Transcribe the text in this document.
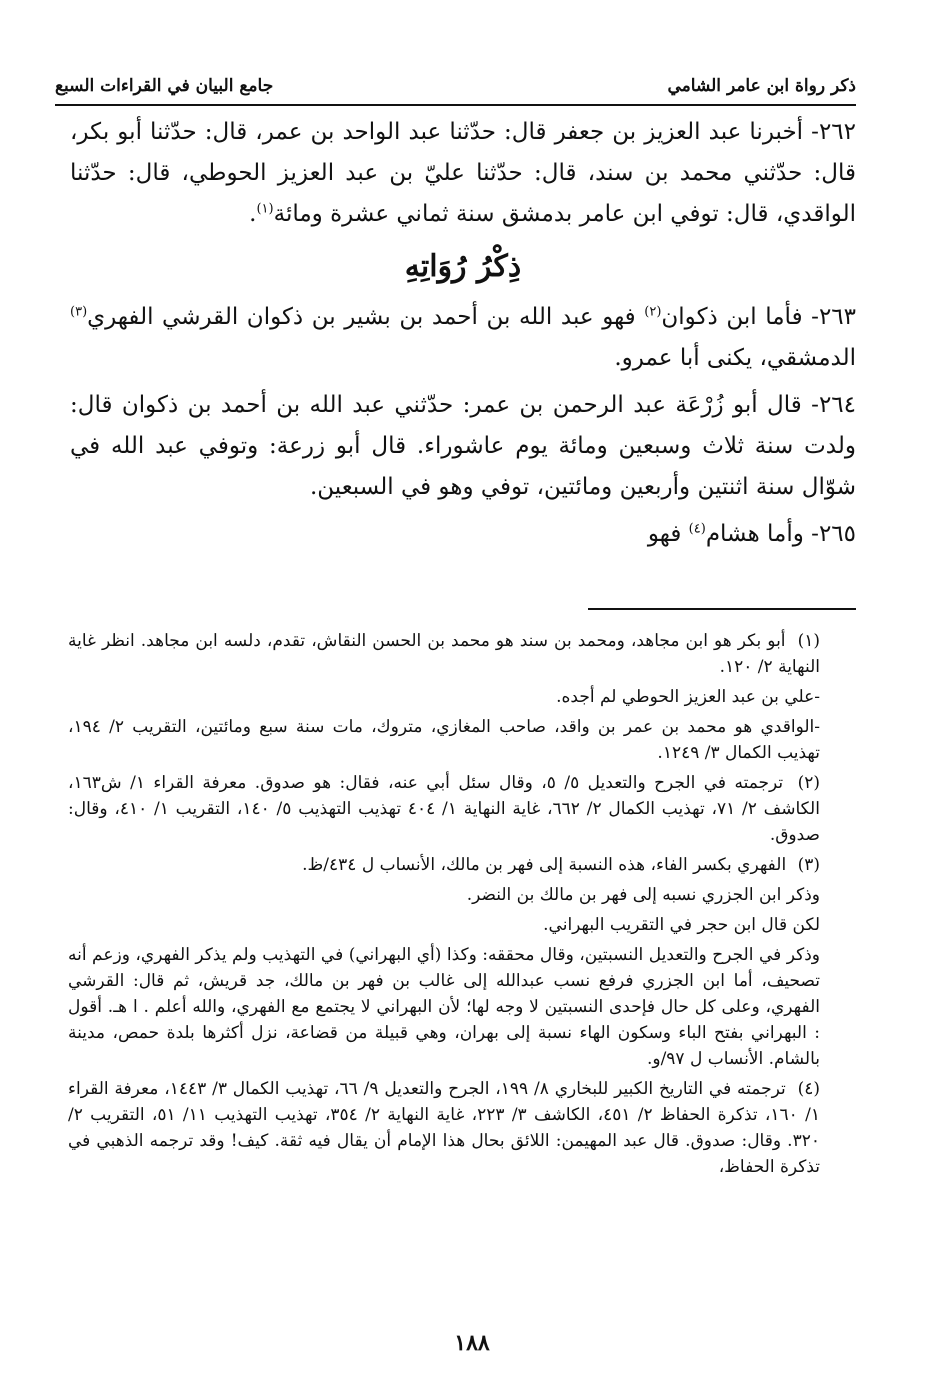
ذكر رواة ابن عامر الشامي
جامع البيان في القراءات السبع

٢٦٢- أخبرنا عبد العزيز بن جعفر قال: حدّثنا عبد الواحد بن عمر، قال: حدّثنا أبو بكر، قال: حدّثني محمد بن سند، قال: حدّثنا عليّ بن عبد العزيز الحوطي، قال: حدّثنا الواقدي، قال: توفي ابن عامر بدمشق سنة ثماني عشرة ومائة$^{(١)}$.

ذِكْرُ رُوَاتِهِ

٢٦٣- فأما ابن ذكوان$^{(٢)}$ فهو عبد الله بن أحمد بن بشير بن ذكوان القرشي الفهري$^{(٣)}$ الدمشقي، يكنى أبا عمرو.

٢٦٤- قال أبو زُرْعَة عبد الرحمن بن عمر: حدّثني عبد الله بن أحمد بن ذكوان قال: ولدت سنة ثلاث وسبعين ومائة يوم عاشوراء. قال أبو زرعة: وتوفي عبد الله في شوّال سنة اثنتين وأربعين ومائتين، توفي وهو في السبعين.

٢٦٥- وأما هشام$^{(٤)}$ فهو

(١) أبو بكر هو ابن مجاهد، ومحمد بن سند هو محمد بن الحسن النقاش، تقدم، دلسه ابن مجاهد. انظر غاية النهاية ٢/ ١٢٠.

-علي بن عبد العزيز الحوطي لم أجده.

-الواقدي هو محمد بن عمر بن واقد، صاحب المغازي، متروك، مات سنة سبع ومائتين، التقريب ٢/ ١٩٤، تهذيب الكمال ٣/ ١٢٤٩.

(٢) ترجمته في الجرح والتعديل ٥/ ٥، وقال سئل أبي عنه، فقال: هو صدوق. معرفة القراء ١/ ش١٦٣، الكاشف ٢/ ٧١، تهذيب الكمال ٢/ ٦٦٢، غاية النهاية ١/ ٤٠٤ تهذيب التهذيب ٥/ ١٤٠، التقريب ١/ ٤١٠، وقال: صدوق.

(٣) الفهري بكسر الفاء، هذه النسبة إلى فهر بن مالك، الأنساب ل ٤٣٤/ظ.

وذكر ابن الجزري نسبه إلى فهر بن مالك بن النضر.

لكن قال ابن حجر في التقريب البهراني.

وذكر في الجرح والتعديل النسبتين، وقال محققه: وكذا (أي البهراني) في التهذيب ولم يذكر الفهري، وزعم أنه تصحيف، أما ابن الجزري فرفع نسب عبدالله إلى غالب بن فهر بن مالك، جد قريش، ثم قال: القرشي الفهري، وعلى كل حال فإحدى النسبتين لا وجه لها؛ لأن البهراني لا يجتمع مع الفهري، والله أعلم . ا هـ. أقول : البهراني بفتح الباء وسكون الهاء نسبة إلى بهران، وهي قبيلة من قضاعة، نزل أكثرها بلدة حمص، مدينة بالشام. الأنساب ل ٩٧/و.

(٤) ترجمته في التاريخ الكبير للبخاري ٨/ ١٩٩، الجرح والتعديل ٩/ ٦٦، تهذيب الكمال ٣/ ١٤٤٣، معرفة القراء ١/ ١٦٠، تذكرة الحفاظ ٢/ ٤٥١، الكاشف ٣/ ٢٢٣، غاية النهاية ٢/ ٣٥٤، تهذيب التهذيب ١١/ ٥١، التقريب ٢/ ٣٢٠. وقال: صدوق. قال عبد المهيمن: اللائق بحال هذا الإمام أن يقال فيه ثقة. كيف! وقد ترجمه الذهبي في تذكرة الحفاظ،

١٨٨
